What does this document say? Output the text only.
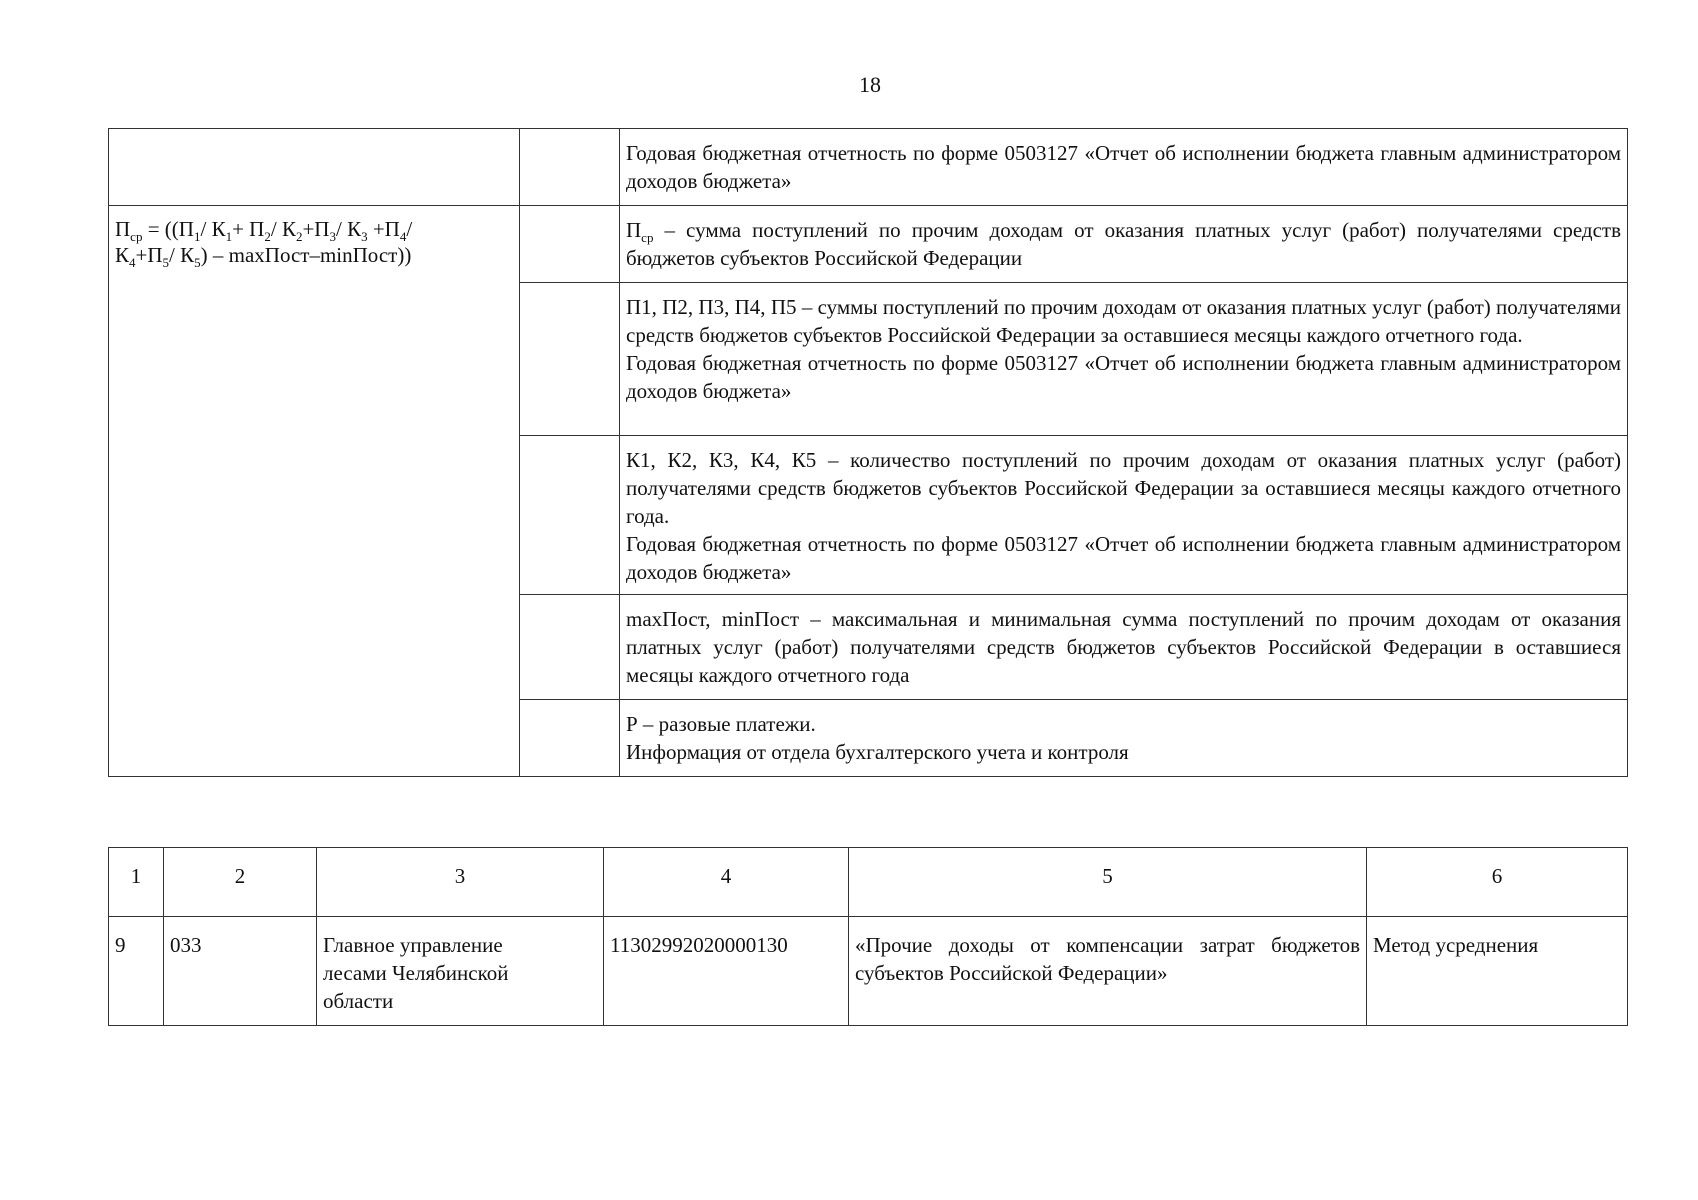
18
		Годовая бюджетная отчетность по форме 0503127 «Отчет об исполнении бюджета главным администратором доходов бюджета»
$П_{ср} = ((П_1/$ $К_1+ П_2/$ $К_2+П_3/$ $К_3 +П_4/$
$К_4+П_5/$ $К_5$) – maxПост–minПост))		$П_{ср}$ – сумма поступлений по прочим доходам от оказания платных услуг (работ) получателями средств бюджетов субъектов Российской Федерации

		П1, П2, П3, П4, П5 – суммы поступлений по прочим доходам от оказания платных услуг (работ) получателями средств бюджетов субъектов Российской Федерации за оставшиеся месяцы каждого отчетного года.
Годовая бюджетная отчетность по форме 0503127 «Отчет об исполнении бюджета главным администратором доходов бюджета»

		К1, К2, К3, К4, К5 – количество поступлений по прочим доходам от оказания платных услуг (работ) получателями средств бюджетов субъектов Российской Федерации за оставшиеся месяцы каждого отчетного года.
Годовая бюджетная отчетность по форме 0503127 «Отчет об исполнении бюджета главным администратором доходов бюджета»

		maxПост, minПост – максимальная и минимальная сумма поступлений по прочим доходам от оказания платных услуг (работ) получателями средств бюджетов субъектов Российской Федерации в оставшиеся месяцы каждого отчетного года

		Р – разовые платежи.
Информация от отдела бухгалтерского учета и контроля
1	2	3	4	5	6
9	033	Главное управление лесами Челябинской области	11302992020000130	«Прочие доходы от компенсации затрат бюджетов субъектов Российской Федерации»	Метод усреднения
